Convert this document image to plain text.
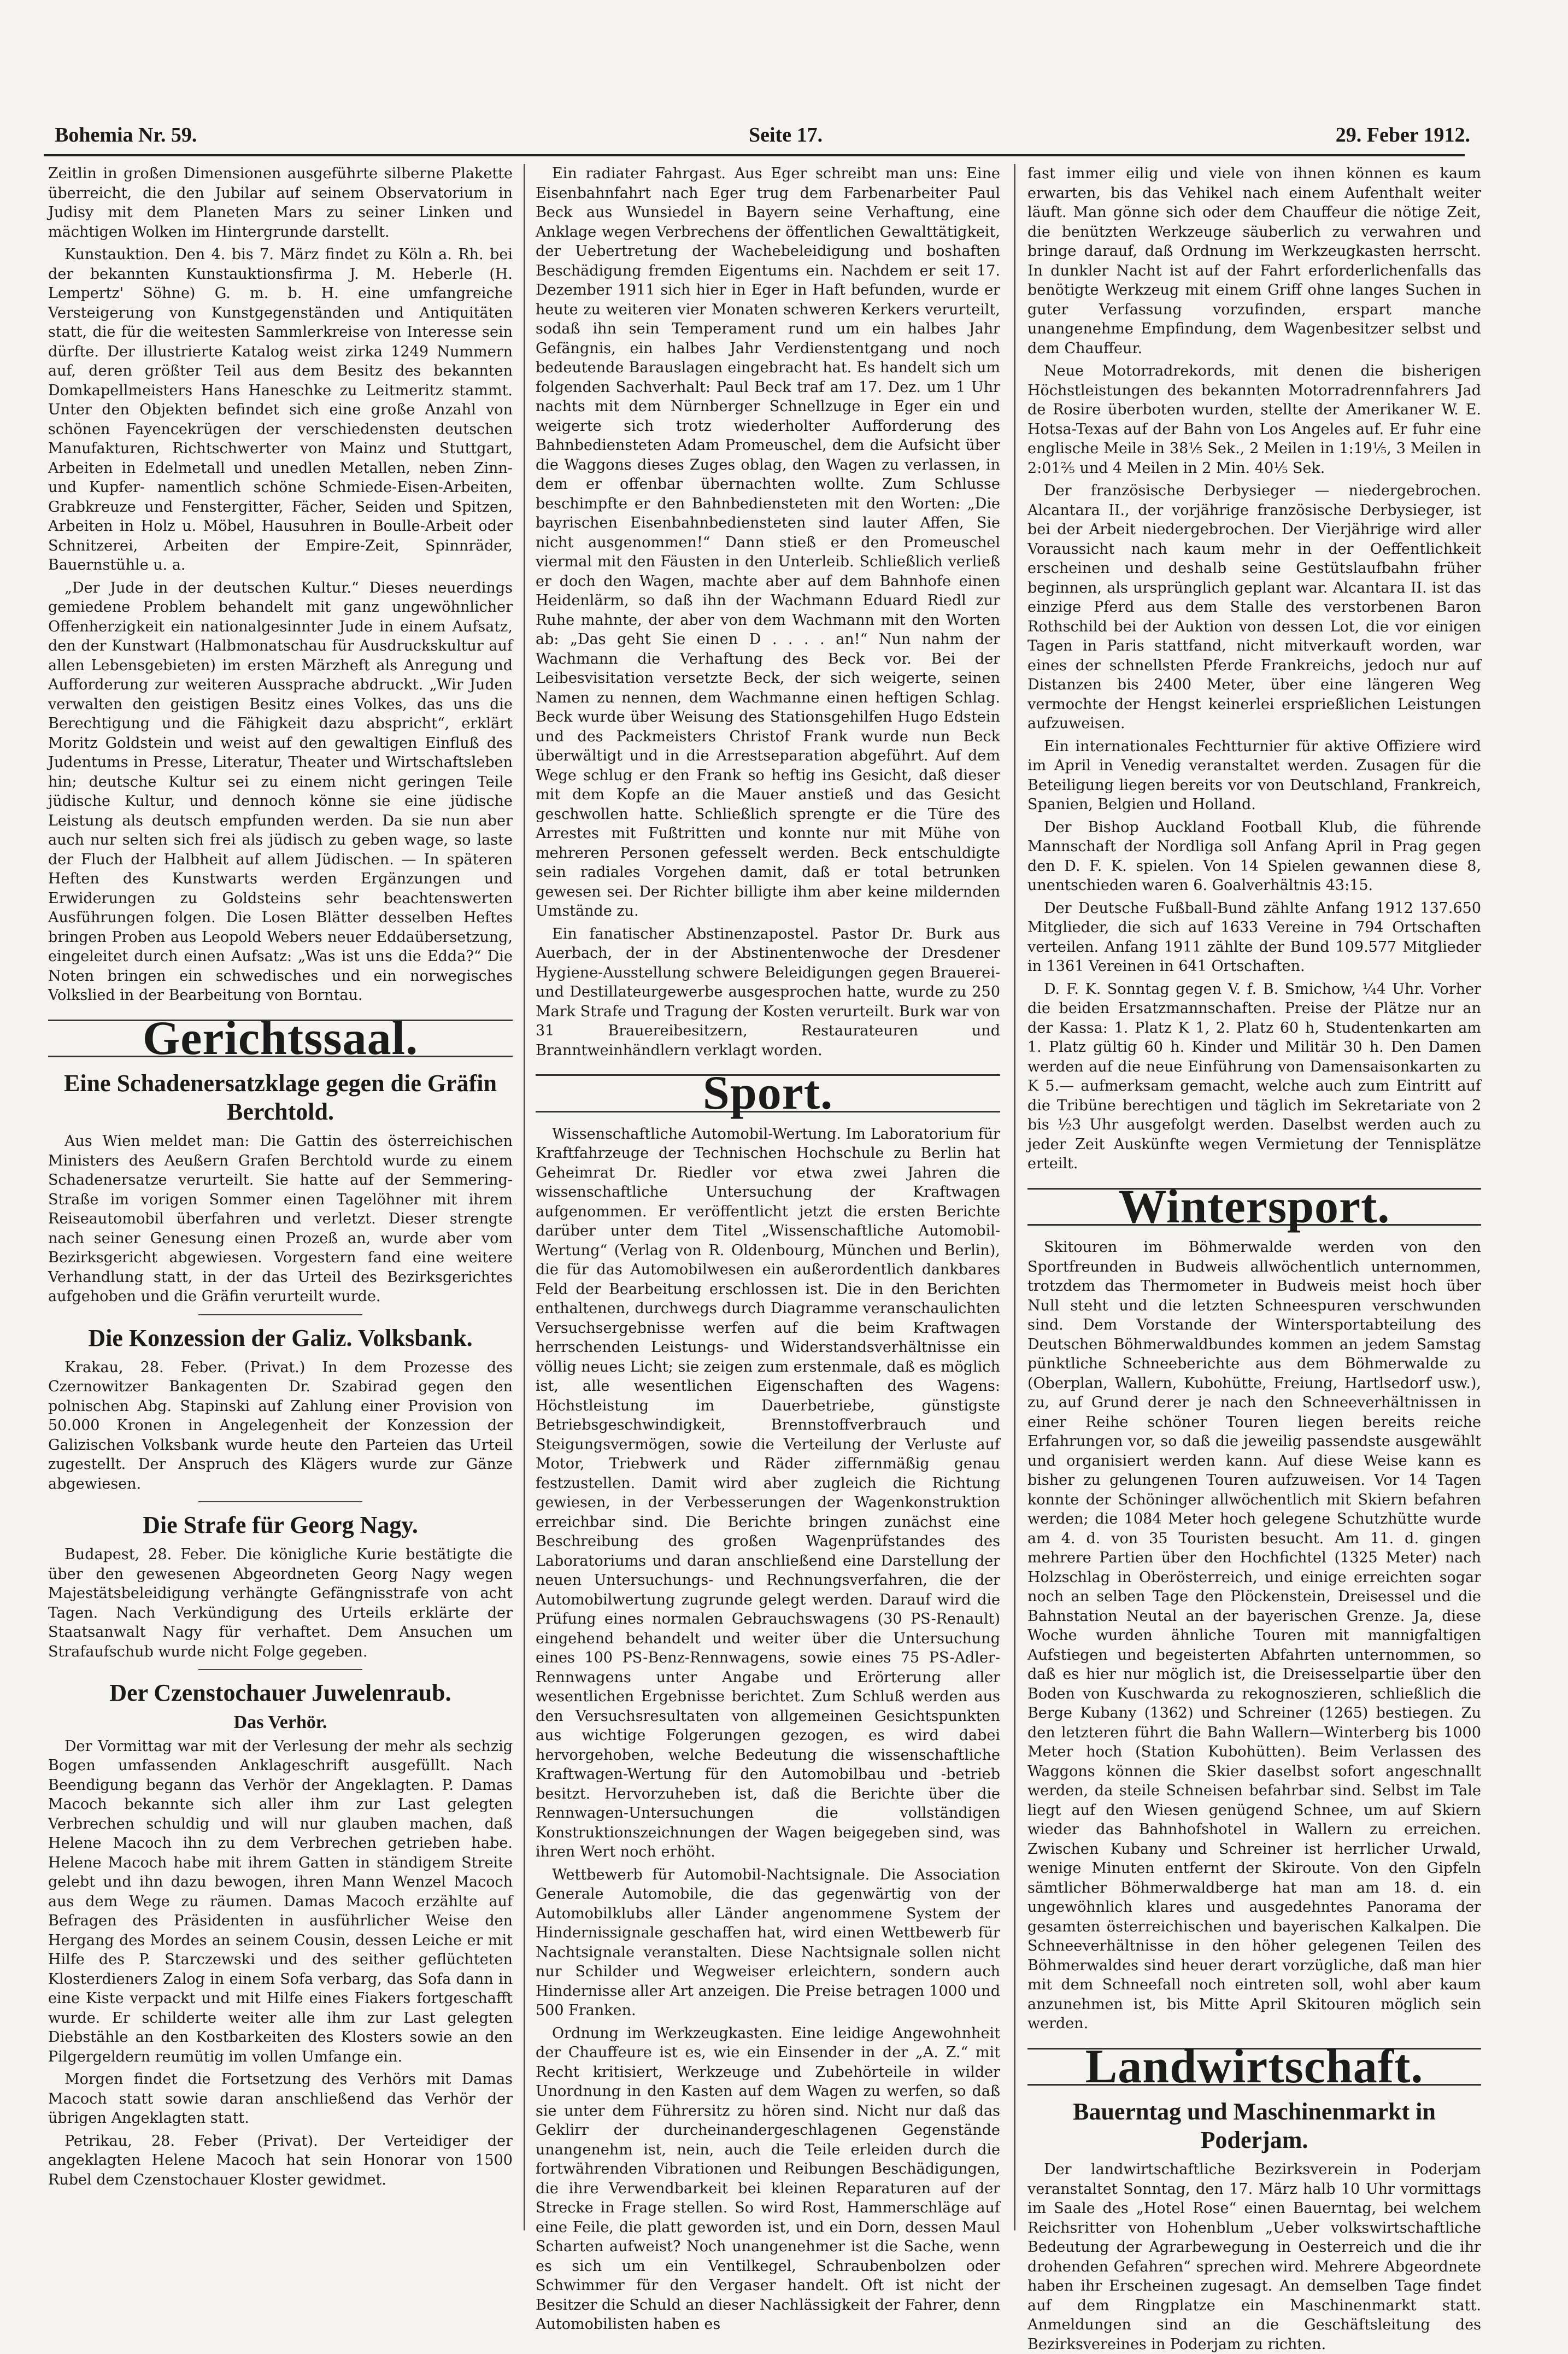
Bohemia Nr. 59.	Seite 17.	29. Feber 1912.

Zeitlin in großen Dimensionen ausgeführte silberne Plakette überreicht, die den Jubilar auf seinem Observatorium in Judisy mit dem Planeten Mars zu seiner Linken und mächtigen Wolken im Hintergrunde darstellt.

Kunstauktion. Den 4. bis 7. März findet zu Köln a. Rh. bei der bekannten Kunstauktionsfirma J. M. Heberle (H. Lempertz' Söhne) G. m. b. H. eine umfangreiche Versteigerung von Kunstgegenständen und Antiquitäten statt, die für die weitesten Sammlerkreise von Interesse sein dürfte. Der illustrierte Katalog weist zirka 1249 Nummern auf, deren größter Teil aus dem Besitz des bekannten Domkapellmeisters Hans Haneschke zu Leitmeritz stammt. Unter den Objekten befindet sich eine große Anzahl von schönen Fayencekrügen der verschiedensten deutschen Manufakturen, Richtschwerter von Mainz und Stuttgart, Arbeiten in Edelmetall und unedlen Metallen, neben Zinn- und Kupfer- namentlich schöne Schmiede-Eisen-Arbeiten, Grabkreuze und Fenstergitter, Fächer, Seiden und Spitzen, Arbeiten in Holz u. Möbel, Hausuhren in Boulle-Arbeit oder Schnitzerei, Arbeiten der Empire-Zeit, Spinnräder, Bauernstühle u. a.

„Der Jude in der deutschen Kultur.“ Dieses neuerdings gemiedene Problem behandelt mit ganz ungewöhnlicher Offenherzigkeit ein nationalgesinnter Jude in einem Aufsatz, den der Kunstwart (Halbmonatschau für Ausdruckskultur auf allen Lebensgebieten) im ersten Märzheft als Anregung und Aufforderung zur weiteren Aussprache abdruckt. „Wir Juden verwalten den geistigen Besitz eines Volkes, das uns die Berechtigung und die Fähigkeit dazu abspricht“, erklärt Moritz Goldstein und weist auf den gewaltigen Einfluß des Judentums in Presse, Literatur, Theater und Wirtschaftsleben hin; deutsche Kultur sei zu einem nicht geringen Teile jüdische Kultur, und dennoch könne sie eine jüdische Leistung als deutsch empfunden werden. Da sie nun aber auch nur selten sich frei als jüdisch zu geben wage, so laste der Fluch der Halbheit auf allem Jüdischen. — In späteren Heften des Kunstwarts werden Ergänzungen und Erwiderungen zu Goldsteins sehr beachtenswerten Ausführungen folgen. Die Losen Blätter desselben Heftes bringen Proben aus Leopold Webers neuer Eddaübersetzung, eingeleitet durch einen Aufsatz: „Was ist uns die Edda?“ Die Noten bringen ein schwedisches und ein norwegisches Volkslied in der Bearbeitung von Borntau.

Gerichtssaal.
Eine Schadenersatzklage gegen die Gräfin Berchtold.

Aus Wien meldet man: Die Gattin des österreichischen Ministers des Aeußern Grafen Berchtold wurde zu einem Schadenersatze verurteilt. Sie hatte auf der Semmering-Straße im vorigen Sommer einen Tagelöhner mit ihrem Reiseautomobil überfahren und verletzt. Dieser strengte nach seiner Genesung einen Prozeß an, wurde aber vom Bezirksgericht abgewiesen. Vorgestern fand eine weitere Verhandlung statt, in der das Urteil des Bezirksgerichtes aufgehoben und die Gräfin verurteilt wurde.

Die Konzession der Galiz. Volksbank.

Krakau, 28. Feber. (Privat.) In dem Prozesse des Czernowitzer Bankagenten Dr. Szabirad gegen den polnischen Abg. Stapinski auf Zahlung einer Provision von 50.000 Kronen in Angelegenheit der Konzession der Galizischen Volksbank wurde heute den Parteien das Urteil zugestellt. Der Anspruch des Klägers wurde zur Gänze abgewiesen.

Die Strafe für Georg Nagy.

Budapest, 28. Feber. Die königliche Kurie bestätigte die über den gewesenen Abgeordneten Georg Nagy wegen Majestätsbeleidigung verhängte Gefängnisstrafe von acht Tagen. Nach Verkündigung des Urteils erklärte der Staatsanwalt Nagy für verhaftet. Dem Ansuchen um Strafaufschub wurde nicht Folge gegeben.

Der Czenstochauer Juwelenraub.
Das Verhör.

Der Vormittag war mit der Verlesung der mehr als sechzig Bogen umfassenden Anklageschrift ausgefüllt. Nach Beendigung begann das Verhör der Angeklagten. P. Damas Macoch bekannte sich aller ihm zur Last gelegten Verbrechen schuldig und will nur glauben machen, daß Helene Macoch ihn zu dem Verbrechen getrieben habe. Helene Macoch habe mit ihrem Gatten in ständigem Streite gelebt und ihn dazu bewogen, ihren Mann Wenzel Macoch aus dem Wege zu räumen. Damas Macoch erzählte auf Befragen des Präsidenten in ausführlicher Weise den Hergang des Mordes an seinem Cousin, dessen Leiche er mit Hilfe des P. Starczewski und des seither geflüchteten Klosterdieners Zalog in einem Sofa verbarg, das Sofa dann in eine Kiste verpackt und mit Hilfe eines Fiakers fortgeschafft wurde. Er schilderte weiter alle ihm zur Last gelegten Diebstähle an den Kostbarkeiten des Klosters sowie an den Pilgergeldern reumütig im vollen Umfange ein.

Morgen findet die Fortsetzung des Verhörs mit Damas Macoch statt sowie daran anschließend das Verhör der übrigen Angeklagten statt.

Petrikau, 28. Feber (Privat). Der Verteidiger der angeklagten Helene Macoch hat sein Honorar von 1500 Rubel dem Czenstochauer Kloster gewidmet.

Ein radiater Fahrgast. Aus Eger schreibt man uns: Eine Eisenbahnfahrt nach Eger trug dem Farbenarbeiter Paul Beck aus Wunsiedel in Bayern seine Verhaftung, eine Anklage wegen Verbrechens der öffentlichen Gewalttätigkeit, der Uebertretung der Wachebeleidigung und boshaften Beschädigung fremden Eigentums ein. Nachdem er seit 17. Dezember 1911 sich hier in Eger in Haft befunden, wurde er heute zu weiteren vier Monaten schweren Kerkers verurteilt, sodaß ihn sein Temperament rund um ein halbes Jahr Gefängnis, ein halbes Jahr Verdienstentgang und noch bedeutende Barauslagen eingebracht hat. Es handelt sich um folgenden Sachverhalt: Paul Beck traf am 17. Dez. um 1 Uhr nachts mit dem Nürnberger Schnellzuge in Eger ein und weigerte sich trotz wiederholter Aufforderung des Bahnbediensteten Adam Promeuschel, dem die Aufsicht über die Waggons dieses Zuges oblag, den Wagen zu verlassen, in dem er offenbar übernachten wollte. Zum Schlusse beschimpfte er den Bahnbediensteten mit den Worten: „Die bayrischen Eisenbahnbediensteten sind lauter Affen, Sie nicht ausgenommen!“ Dann stieß er den Promeuschel viermal mit den Fäusten in den Unterleib. Schließlich verließ er doch den Wagen, machte aber auf dem Bahnhofe einen Heidenlärm, so daß ihn der Wachmann Eduard Riedl zur Ruhe mahnte, der aber von dem Wachmann mit den Worten ab: „Das geht Sie einen D . . . . an!“ Nun nahm der Wachmann die Verhaftung des Beck vor. Bei der Leibesvisitation versetzte Beck, der sich weigerte, seinen Namen zu nennen, dem Wachmanne einen heftigen Schlag. Beck wurde über Weisung des Stationsgehilfen Hugo Edstein und des Packmeisters Christof Frank wurde nun Beck überwältigt und in die Arrestseparation abgeführt. Auf dem Wege schlug er den Frank so heftig ins Gesicht, daß dieser mit dem Kopfe an die Mauer anstieß und das Gesicht geschwollen hatte. Schließlich sprengte er die Türe des Arrestes mit Fußtritten und konnte nur mit Mühe von mehreren Personen gefesselt werden. Beck entschuldigte sein radiales Vorgehen damit, daß er total betrunken gewesen sei. Der Richter billigte ihm aber keine mildernden Umstände zu.

Ein fanatischer Abstinenzapostel. Pastor Dr. Burk aus Auerbach, der in der Abstinentenwoche der Dresdener Hygiene-Ausstellung schwere Beleidigungen gegen Brauerei- und Destillateurgewerbe ausgesprochen hatte, wurde zu 250 Mark Strafe und Tragung der Kosten verurteilt. Burk war von 31 Brauereibesitzern, Restaurateuren und Branntweinhändlern verklagt worden.

Sport.

Wissenschaftliche Automobil-Wertung. Im Laboratorium für Kraftfahrzeuge der Technischen Hochschule zu Berlin hat Geheimrat Dr. Riedler vor etwa zwei Jahren die wissenschaftliche Untersuchung der Kraftwagen aufgenommen. Er veröffentlicht jetzt die ersten Berichte darüber unter dem Titel „Wissenschaftliche Automobil-Wertung“ (Verlag von R. Oldenbourg, München und Berlin), die für das Automobilwesen ein außerordentlich dankbares Feld der Bearbeitung erschlossen ist. Die in den Berichten enthaltenen, durchwegs durch Diagramme veranschaulichten Versuchsergebnisse werfen auf die beim Kraftwagen herrschenden Leistungs- und Widerstandsverhältnisse ein völlig neues Licht; sie zeigen zum erstenmale, daß es möglich ist, alle wesentlichen Eigenschaften des Wagens: Höchstleistung im Dauerbetriebe, günstigste Betriebsgeschwindigkeit, Brennstoffverbrauch und Steigungsvermögen, sowie die Verteilung der Verluste auf Motor, Triebwerk und Räder ziffernmäßig genau festzustellen. Damit wird aber zugleich die Richtung gewiesen, in der Verbesserungen der Wagenkonstruktion erreichbar sind. Die Berichte bringen zunächst eine Beschreibung des großen Wagenprüfstandes des Laboratoriums und daran anschließend eine Darstellung der neuen Untersuchungs- und Rechnungsverfahren, die der Automobilwertung zugrunde gelegt werden. Darauf wird die Prüfung eines normalen Gebrauchswagens (30 PS-Renault) eingehend behandelt und weiter über die Untersuchung eines 100 PS-Benz-Rennwagens, sowie eines 75 PS-Adler-Rennwagens unter Angabe und Erörterung aller wesentlichen Ergebnisse berichtet. Zum Schluß werden aus den Versuchsresultaten von allgemeinen Gesichtspunkten aus wichtige Folgerungen gezogen, es wird dabei hervorgehoben, welche Bedeutung die wissenschaftliche Kraftwagen-Wertung für den Automobilbau und -betrieb besitzt. Hervorzuheben ist, daß die Berichte über die Rennwagen-Untersuchungen die vollständigen Konstruktionszeichnungen der Wagen beigegeben sind, was ihren Wert noch erhöht.

Wettbewerb für Automobil-Nachtsignale. Die Association Generale Automobile, die das gegenwärtig von der Automobilklubs aller Länder angenommene System der Hindernissignale geschaffen hat, wird einen Wettbewerb für Nachtsignale veranstalten. Diese Nachtsignale sollen nicht nur Schilder und Wegweiser erleichtern, sondern auch Hindernisse aller Art anzeigen. Die Preise betragen 1000 und 500 Franken.

Ordnung im Werkzeugkasten. Eine leidige Angewohnheit der Chauffeure ist es, wie ein Einsender in der „A. Z.“ mit Recht kritisiert, Werkzeuge und Zubehörteile in wilder Unordnung in den Kasten auf dem Wagen zu werfen, so daß sie unter dem Führersitz zu hören sind. Nicht nur daß das Geklirr der durcheinandergeschlagenen Gegenstände unangenehm ist, nein, auch die Teile erleiden durch die fortwährenden Vibrationen und Reibungen Beschädigungen, die ihre Verwendbarkeit bei kleinen Reparaturen auf der Strecke in Frage stellen. So wird Rost, Hammerschläge auf eine Feile, die platt geworden ist, und ein Dorn, dessen Maul Scharten aufweist? Noch unangenehmer ist die Sache, wenn es sich um ein Ventilkegel, Schraubenbolzen oder Schwimmer für den Vergaser handelt. Oft ist nicht der Besitzer die Schuld an dieser Nachlässigkeit der Fahrer, denn Automobilisten haben es

fast immer eilig und viele von ihnen können es kaum erwarten, bis das Vehikel nach einem Aufenthalt weiter läuft. Man gönne sich oder dem Chauffeur die nötige Zeit, die benützten Werkzeuge säuberlich zu verwahren und bringe darauf, daß Ordnung im Werkzeugkasten herrscht. In dunkler Nacht ist auf der Fahrt erforderlichenfalls das benötigte Werkzeug mit einem Griff ohne langes Suchen in guter Verfassung vorzufinden, erspart manche unangenehme Empfindung, dem Wagenbesitzer selbst und dem Chauffeur.

Neue Motorradrekords, mit denen die bisherigen Höchstleistungen des bekannten Motorradrennfahrers Jad de Rosire überboten wurden, stellte der Amerikaner W. E. Hotsa-Texas auf der Bahn von Los Angeles auf. Er fuhr eine englische Meile in 38⅕ Sek., 2 Meilen in 1:19⅕, 3 Meilen in 2:01⅖ und 4 Meilen in 2 Min. 40⅕ Sek.

Der französische Derbysieger — niedergebrochen. Alcantara II., der vorjährige französische Derbysieger, ist bei der Arbeit niedergebrochen. Der Vierjährige wird aller Voraussicht nach kaum mehr in der Oeffentlichkeit erscheinen und deshalb seine Gestütslaufbahn früher beginnen, als ursprünglich geplant war. Alcantara II. ist das einzige Pferd aus dem Stalle des verstorbenen Baron Rothschild bei der Auktion von dessen Lot, die vor einigen Tagen in Paris stattfand, nicht mitverkauft worden, war eines der schnellsten Pferde Frankreichs, jedoch nur auf Distanzen bis 2400 Meter, über eine längeren Weg vermochte der Hengst keinerlei ersprießlichen Leistungen aufzuweisen.

Ein internationales Fechtturnier für aktive Offiziere wird im April in Venedig veranstaltet werden. Zusagen für die Beteiligung liegen bereits vor von Deutschland, Frankreich, Spanien, Belgien und Holland.

Der Bishop Auckland Football Klub, die führende Mannschaft der Nordliga soll Anfang April in Prag gegen den D. F. K. spielen. Von 14 Spielen gewannen diese 8, unentschieden waren 6. Goalverhältnis 43:15.

Der Deutsche Fußball-Bund zählte Anfang 1912 137.650 Mitglieder, die sich auf 1633 Vereine in 794 Ortschaften verteilen. Anfang 1911 zählte der Bund 109.577 Mitglieder in 1361 Vereinen in 641 Ortschaften.

D. F. K. Sonntag gegen V. f. B. Smichow, ¼4 Uhr. Vorher die beiden Ersatzmannschaften. Preise der Plätze nur an der Kassa: 1. Platz K 1, 2. Platz 60 h, Studentenkarten am 1. Platz gültig 60 h. Kinder und Militär 30 h. Den Damen werden auf die neue Einführung von Damensaisonkarten zu K 5.— aufmerksam gemacht, welche auch zum Eintritt auf die Tribüne berechtigen und täglich im Sekretariate von 2 bis ½3 Uhr ausgefolgt werden. Daselbst werden auch zu jeder Zeit Auskünfte wegen Vermietung der Tennisplätze erteilt.

Wintersport.

Skitouren im Böhmerwalde werden von den Sportfreunden in Budweis allwöchentlich unternommen, trotzdem das Thermometer in Budweis meist hoch über Null steht und die letzten Schneespuren verschwunden sind. Dem Vorstande der Wintersportabteilung des Deutschen Böhmerwaldbundes kommen an jedem Samstag pünktliche Schneeberichte aus dem Böhmerwalde zu (Oberplan, Wallern, Kubohütte, Freiung, Hartlsedorf usw.), zu, auf Grund derer je nach den Schneeverhältnissen in einer Reihe schöner Touren liegen bereits reiche Erfahrungen vor, so daß die jeweilig passendste ausgewählt und organisiert werden kann. Auf diese Weise kann es bisher zu gelungenen Touren aufzuweisen. Vor 14 Tagen konnte der Schöninger allwöchentlich mit Skiern befahren werden; die 1084 Meter hoch gelegene Schutzhütte wurde am 4. d. von 35 Touristen besucht. Am 11. d. gingen mehrere Partien über den Hochfichtel (1325 Meter) nach Holzschlag in Oberösterreich, und einige erreichten sogar noch an selben Tage den Plöckenstein, Dreisessel und die Bahnstation Neutal an der bayerischen Grenze. Ja, diese Woche wurden ähnliche Touren mit mannigfaltigen Aufstiegen und begeisterten Abfahrten unternommen, so daß es hier nur möglich ist, die Dreisesselpartie über den Boden von Kuschwarda zu rekognoszieren, schließlich die Berge Kubany (1362) und Schreiner (1265) bestiegen. Zu den letzteren führt die Bahn Wallern—Winterberg bis 1000 Meter hoch (Station Kubohütten). Beim Verlassen des Waggons können die Skier daselbst sofort angeschnallt werden, da steile Schneisen befahrbar sind. Selbst im Tale liegt auf den Wiesen genügend Schnee, um auf Skiern wieder das Bahnhofshotel in Wallern zu erreichen. Zwischen Kubany und Schreiner ist herrlicher Urwald, wenige Minuten entfernt der Skiroute. Von den Gipfeln sämtlicher Böhmerwaldberge hat man am 18. d. ein ungewöhnlich klares und ausgedehntes Panorama der gesamten österreichischen und bayerischen Kalkalpen. Die Schneeverhältnisse in den höher gelegenen Teilen des Böhmerwaldes sind heuer derart vorzügliche, daß man hier mit dem Schneefall noch eintreten soll, wohl aber kaum anzunehmen ist, bis Mitte April Skitouren möglich sein werden.

Landwirtschaft.
Bauerntag und Maschinenmarkt in Poderjam.

Der landwirtschaftliche Bezirksverein in Poderjam veranstaltet Sonntag, den 17. März halb 10 Uhr vormittags im Saale des „Hotel Rose“ einen Bauerntag, bei welchem Reichsritter von Hohenblum „Ueber volkswirtschaftliche Bedeutung der Agrarbewegung in Oesterreich und die ihr drohenden Gefahren“ sprechen wird. Mehrere Abgeordnete haben ihr Erscheinen zugesagt. An demselben Tage findet auf dem Ringplatze ein Maschinenmarkt statt. Anmeldungen sind an die Geschäftsleitung des Bezirksvereines in Poderjam zu richten.
